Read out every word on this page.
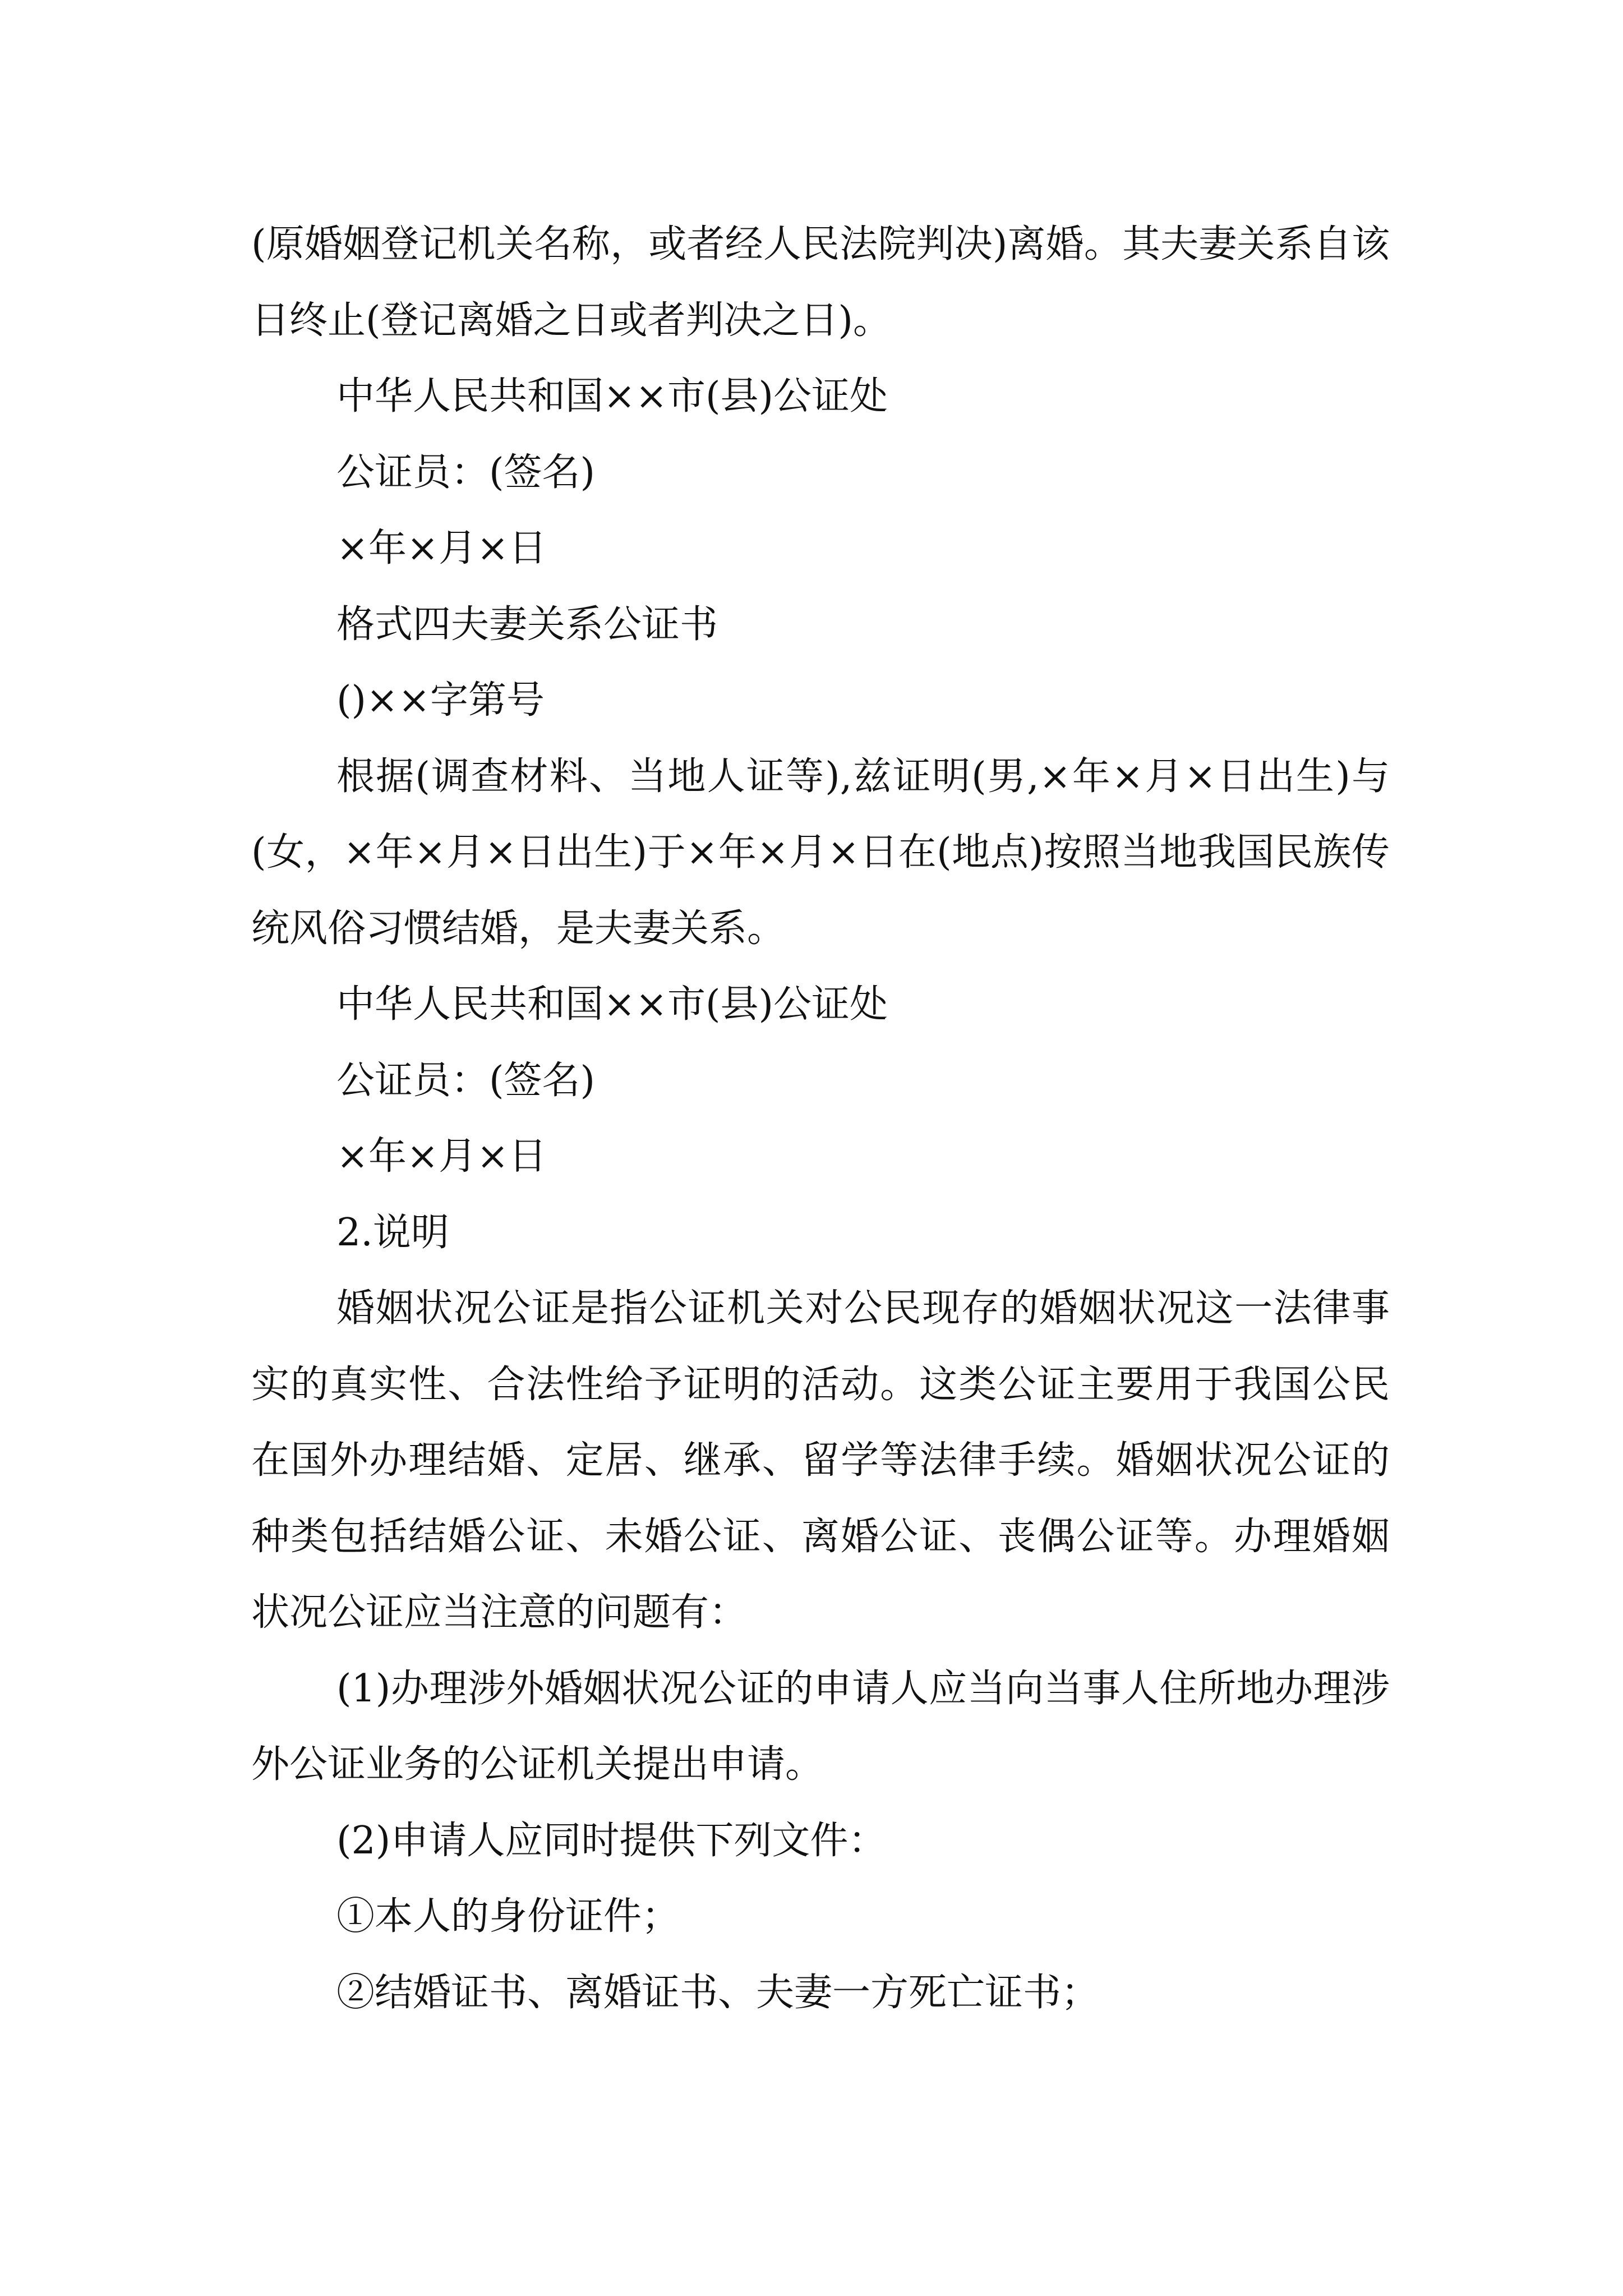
(原婚姻登记机关名称，或者经人民法院判决)离婚。其夫妻关系自该日终止(登记离婚之日或者判决之日)。

中华人民共和国××市(县)公证处

公证员：(签名)

×年×月×日

格式四夫妻关系公证书

()××字第号

根据(调查材料、当地人证等),兹证明(男,×年×月×日出生)与(女，×年×月×日出生)于×年×月×日在(地点)按照当地我国民族传统风俗习惯结婚，是夫妻关系。

中华人民共和国××市(县)公证处

公证员：(签名)

×年×月×日

2.说明

婚姻状况公证是指公证机关对公民现存的婚姻状况这一法律事实的真实性、合法性给予证明的活动。这类公证主要用于我国公民在国外办理结婚、定居、继承、留学等法律手续。婚姻状况公证的种类包括结婚公证、未婚公证、离婚公证、丧偶公证等。办理婚姻状况公证应当注意的问题有：

(1)办理涉外婚姻状况公证的申请人应当向当事人住所地办理涉外公证业务的公证机关提出申请。

(2)申请人应同时提供下列文件：

①本人的身份证件；

②结婚证书、离婚证书、夫妻一方死亡证书；
